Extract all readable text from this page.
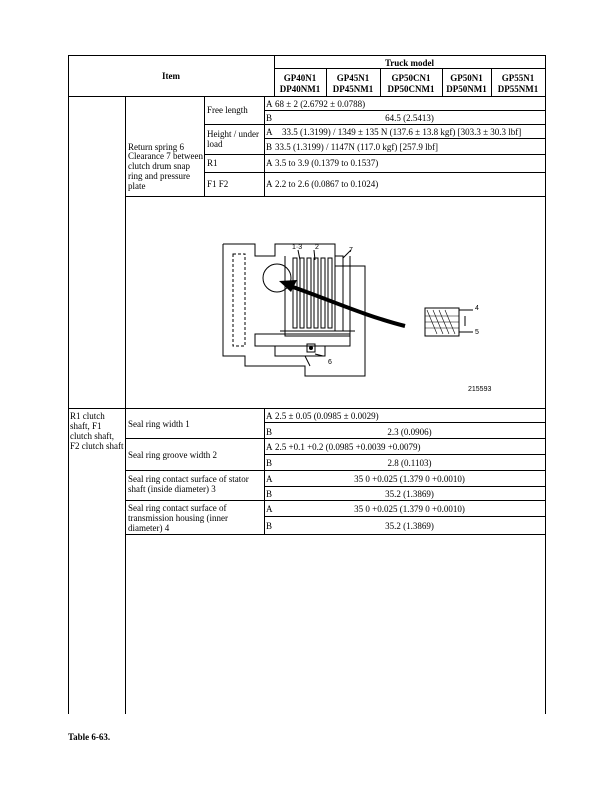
Item
Truck model
GP40N1
DP40NM1
GP45N1
DP45NM1
GP50CN1
DP50CNM1
GP50N1
DP50NM1
GP55N1
DP55NM1
Return spring 6
Clearance 7 between clutch drum snap ring and pressure plate
Free length
Height / under load
R1
F1 F2
A
B
A
B
A
A
68 ± 2 (2.6792 ± 0.0788)
64.5 (2.5413)
33.5 (1.3199) / 1349 ± 135 N (137.6 ± 13.8 kgf) [303.3 ± 30.3 lbf]
33.5 (1.3199) / 1147N (117.0 kgf) [257.9 lbf]
3.5 to 3.9 (0.1379 to 0.1537)
2.2 to 2.6 (0.0867 to 0.1024)
1·3 2	7
4
5
6
215593
R1 clutch shaft, F1 clutch shaft, F2 clutch shaft
Seal ring width 1
Seal ring groove width 2
Seal ring contact surface of stator shaft (inside diameter) 3
Seal ring contact surface of transmission housing (inner diameter) 4
A
B
A
B
A
B
A
B
2.5 ± 0.05 (0.0985 ± 0.0029)
2.3 (0.0906)
2.5 +0.1 +0.2 (0.0985 +0.0039 +0.0079)
2.8 (0.1103)
35 0 +0.025 (1.379 0 +0.0010)
35.2 (1.3869)
35 0 +0.025 (1.379 0 +0.0010)
35.2 (1.3869)
Table 6-63.
